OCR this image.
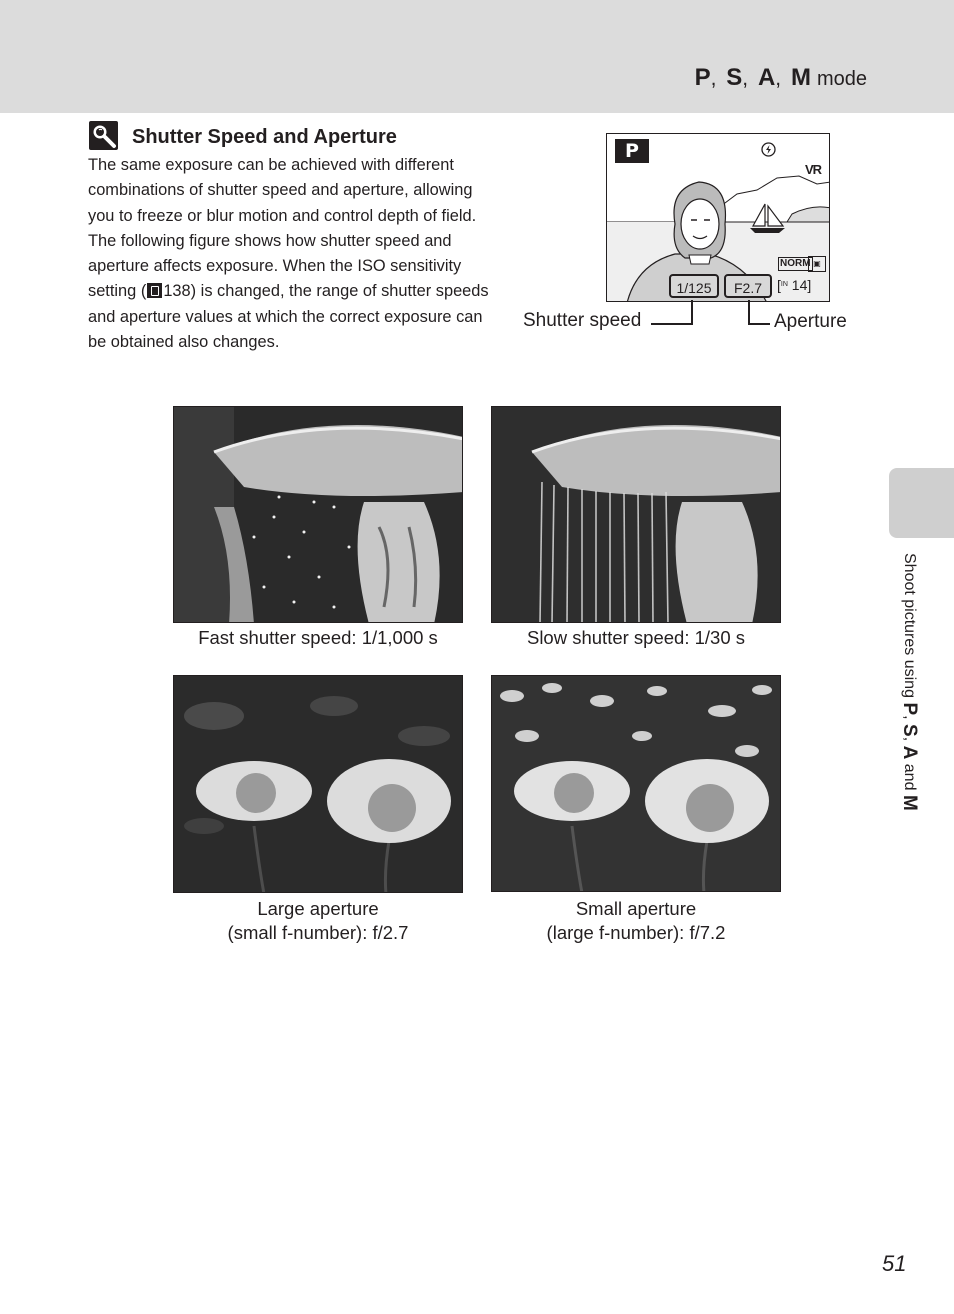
P , S , A , M mode
Shutter Speed and Aperture
The same exposure can be achieved with different
combinations of shutter speed and aperture, allowing
you to freeze or blur motion and control depth of field.
The following figure shows how shutter speed and
aperture affects exposure. When the ISO sensitivity
setting ( 138) is changed, the range of shutter speeds
and aperture values at which the correct exposure can
be obtained also changes.
P
VR
NORM ▣
1/125	F2.7	[$^{IN}$ 14]
Shutter speed	Aperture
Fast shutter speed: 1/1,000 s	Slow shutter speed: 1/30 s
Large aperture
(small f-number): f/2.7
Small aperture
(large f-number): f/7.2
Shoot pictures using P, S, A and M
51
